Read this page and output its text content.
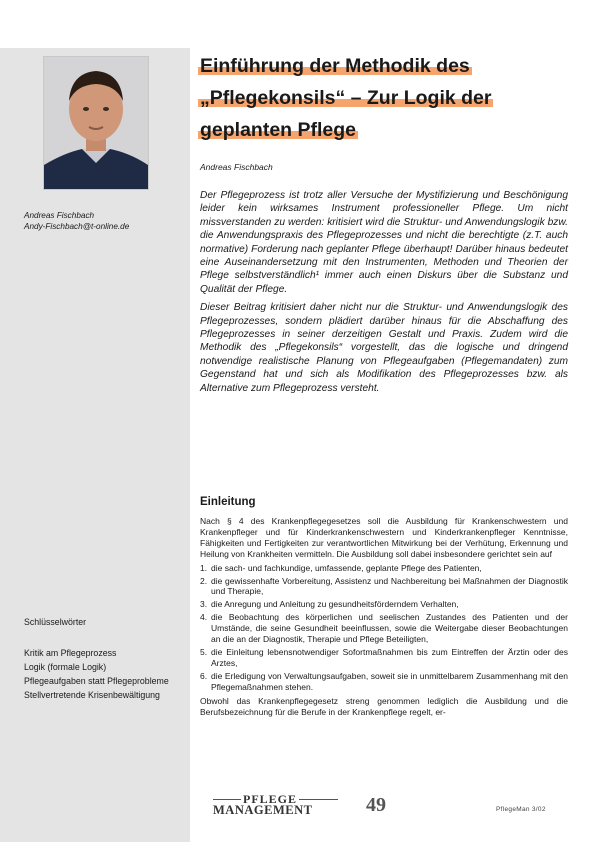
Andreas Fischbach
Andy-Fischbach@t-online.de
Schlüsselwörter
Kritik am Pflegeprozess
Logik (formale Logik)
Pflegeaufgaben statt Pflegeprobleme
Stellvertretende Krisenbewältigung
Einführung der Methodik des
„Pflegekonsils“ – Zur Logik der
geplanten Pflege
Andreas Fischbach

Der Pflegeprozess ist trotz aller Versuche der Mystifizierung und Beschönigung leider kein wirksames Instrument professioneller Pflege. Um nicht missverstanden zu werden: kritisiert wird die Struktur- und Anwendungslogik bzw. die Anwendungspraxis des Pflegeprozesses und nicht die berechtigte (z.T. auch normative) Forderung nach geplanter Pflege überhaupt! Darüber hinaus bedeutet eine Auseinandersetzung mit den Instrumenten, Methoden und Theorien der Pflege selbstverständlich¹ immer auch einen Diskurs über die Substanz und Qualität der Pflege.

Dieser Beitrag kritisiert daher nicht nur die Struktur- und Anwendungslogik des Pflegeprozesses, sondern plädiert darüber hinaus für die Abschaffung des Pflegeprozesses in seiner derzeitigen Gestalt und Praxis. Zudem wird die Methodik des „Pflegekonsils“ vorgestellt, das die logische und dringend notwendige realistische Planung von Pflegeaufgaben (Pflegemandaten) zum Gegenstand hat und sich als Modifikation des Pflegeprozesses bzw. als Alternative zum Pflegeprozess versteht.

Einleitung

Nach § 4 des Krankenpflegegesetzes soll die Ausbildung für Krankenschwestern und Krankenpfleger und für Kinderkrankenschwestern und Kinderkrankenpfleger Kenntnisse, Fähigkeiten und Fertigkeiten zur verantwortlichen Mitwirkung bei der Verhütung, Erkennung und Heilung von Krankheiten vermitteln. Die Ausbildung soll dabei insbesondere gerichtet sein auf

1. die sach- und fachkundige, umfassende, geplante Pflege des Patienten,
2. die gewissenhafte Vorbereitung, Assistenz und Nachbereitung bei Maßnahmen der Diagnostik und Therapie,
3. die Anregung und Anleitung zu gesundheitsförderndem Verhalten,
4. die Beobachtung des körperlichen und seelischen Zustandes des Patienten und der Umstände, die seine Gesundheit beeinflussen, sowie die Weitergabe dieser Beobachtungen an die an der Diagnostik, Therapie und Pflege Beteiligten,
5. die Einleitung lebensnotwendiger Sofortmaßnahmen bis zum Eintreffen der Ärztin oder des Arztes,
6. die Erledigung von Verwaltungsaufgaben, soweit sie in unmittelbarem Zusammenhang mit den Pflegemaßnahmen stehen.

Obwohl das Krankenpflegegesetz streng genommen lediglich die Ausbildung und die Berufsbezeichnung für die Berufe in der Krankenpflege regelt, er-

PFLEGE
MANAGEMENT	49	PflegeMan 3/02
